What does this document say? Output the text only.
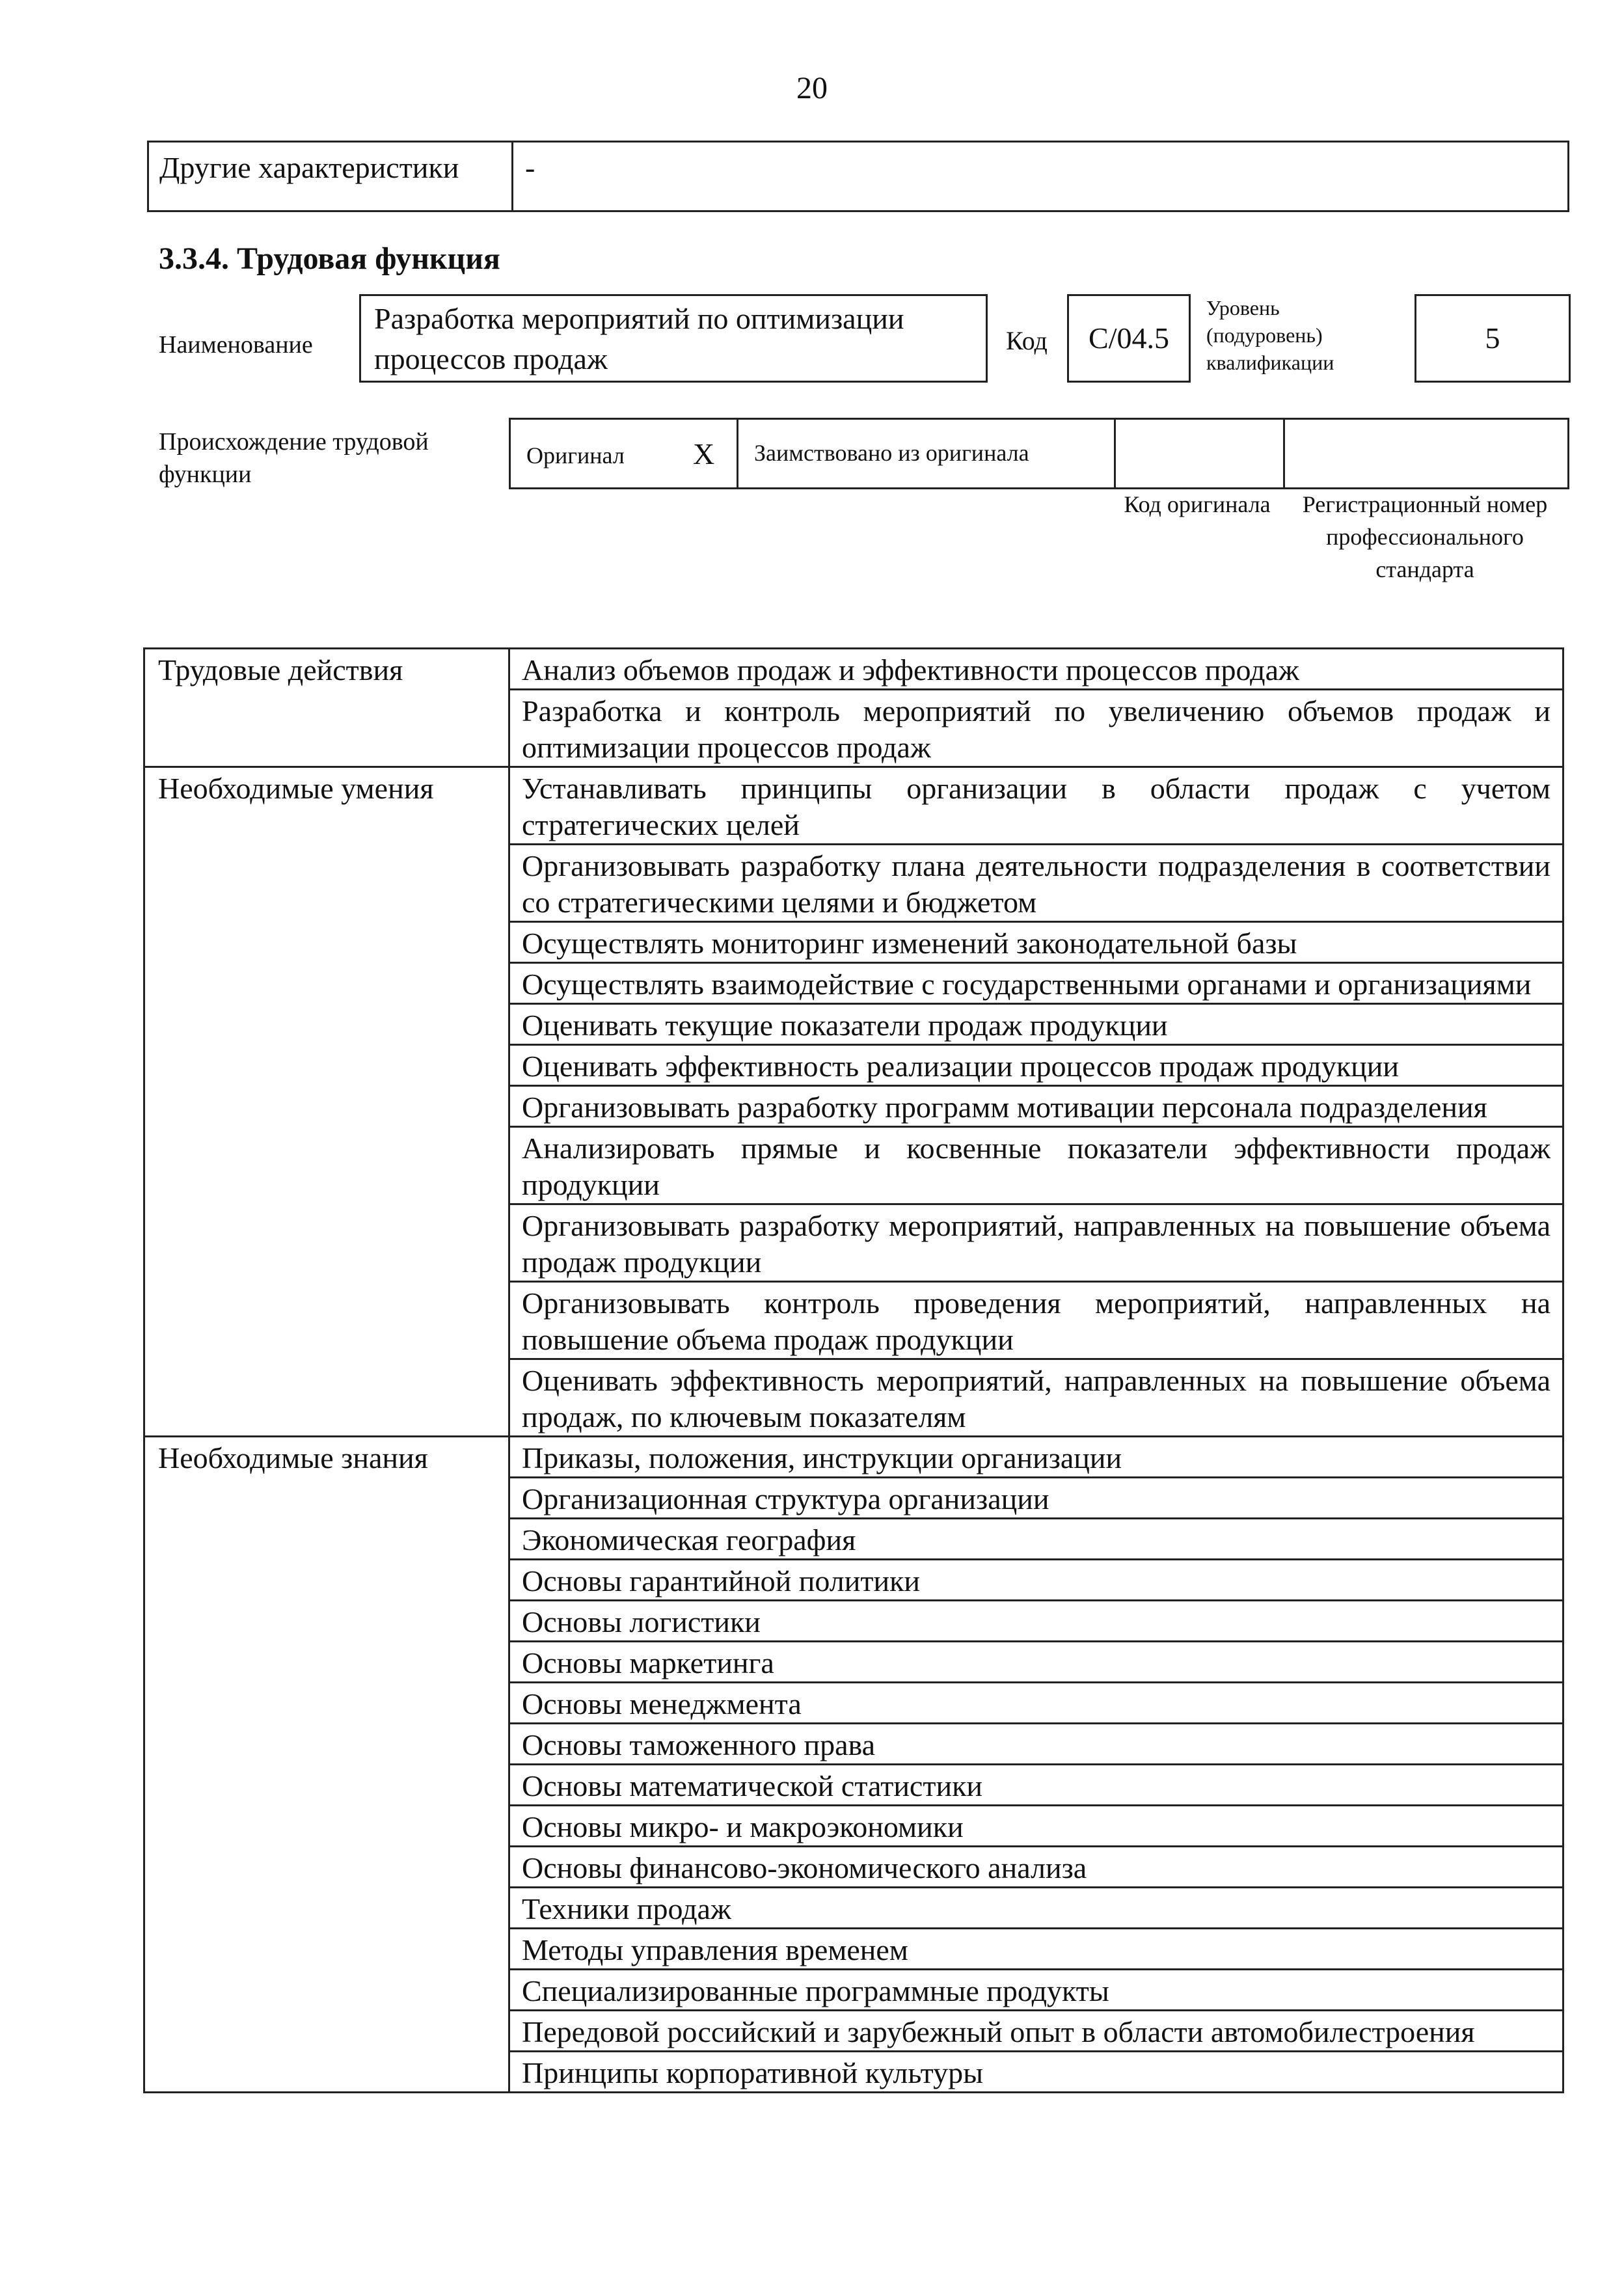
20
Другие характеристики	-
3.3.4. Трудовая функция
Наименование
Разработка мероприятий по оптимизации процессов продаж
Код	C/04.5
Уровень
(подуровень)
квалификации
5
Происхождение трудовой функции
Оригинал X Заимствовано из оригинала
Код оригинала	Регистрационный номер профессионального стандарта
Трудовые действия	Анализ объемов продаж и эффективности процессов продаж
	Разработка и контроль мероприятий по увеличению объемов продаж и оптимизации процессов продаж
Необходимые умения	Устанавливать принципы организации в области продаж с учетом стратегических целей
	Организовывать разработку плана деятельности подразделения в соответствии со стратегическими целями и бюджетом
	Осуществлять мониторинг изменений законодательной базы
	Осуществлять взаимодействие с государственными органами и организациями
	Оценивать текущие показатели продаж продукции
	Оценивать эффективность реализации процессов продаж продукции
	Организовывать разработку программ мотивации персонала подразделения
	Анализировать прямые и косвенные показатели эффективности продаж продукции
	Организовывать разработку мероприятий, направленных на повышение объема продаж продукции
	Организовывать контроль проведения мероприятий, направленных на повышение объема продаж продукции
	Оценивать эффективность мероприятий, направленных на повышение объема продаж, по ключевым показателям
Необходимые знания	Приказы, положения, инструкции организации
	Организационная структура организации
	Экономическая география
	Основы гарантийной политики
	Основы логистики
	Основы маркетинга
	Основы менеджмента
	Основы таможенного права
	Основы математической статистики
	Основы микро- и макроэкономики
	Основы финансово-экономического анализа
	Техники продаж
	Методы управления временем
	Специализированные программные продукты
	Передовой российский и зарубежный опыт в области автомобилестроения
	Принципы корпоративной культуры
